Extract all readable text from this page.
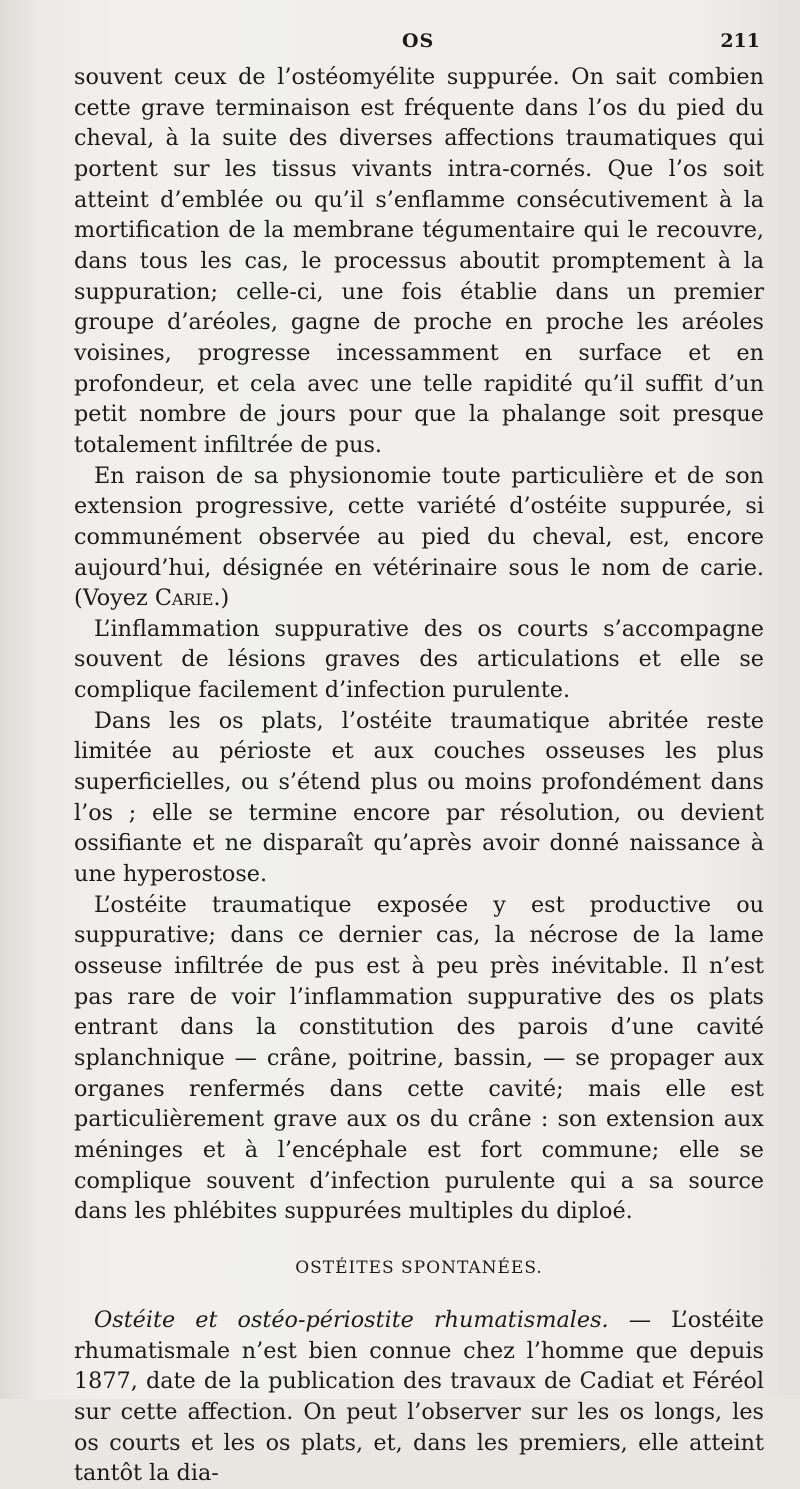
OS	211

souvent ceux de l’ostéomyélite suppurée. On sait combien cette grave terminaison est fréquente dans l’os du pied du cheval, à la suite des diverses affections traumatiques qui portent sur les tissus vivants intra-cornés. Que l’os soit atteint d’emblée ou qu’il s’enflamme consécutivement à la mortification de la membrane tégumentaire qui le recouvre, dans tous les cas, le processus aboutit promptement à la suppuration; celle-ci, une fois établie dans un premier groupe d’aréoles, gagne de proche en proche les aréoles voisines, progresse incessamment en surface et en profondeur, et cela avec une telle rapidité qu’il suffit d’un petit nombre de jours pour que la phalange soit presque totalement infiltrée de pus.

En raison de sa physionomie toute particulière et de son extension progressive, cette variété d’ostéite suppurée, si communément observée au pied du cheval, est, encore aujourd’hui, désignée en vétérinaire sous le nom de carie. (Voyez Carie.)

L’inflammation suppurative des os courts s’accompagne souvent de lésions graves des articulations et elle se complique facilement d’infection purulente.

Dans les os plats, l’ostéite traumatique abritée reste limitée au périoste et aux couches osseuses les plus superficielles, ou s’étend plus ou moins profondément dans l’os ; elle se termine encore par résolution, ou devient ossifiante et ne disparaît qu’après avoir donné naissance à une hyperostose.

L’ostéite traumatique exposée y est productive ou suppurative; dans ce dernier cas, la nécrose de la lame osseuse infiltrée de pus est à peu près inévitable. Il n’est pas rare de voir l’inflammation suppurative des os plats entrant dans la constitution des parois d’une cavité splanchnique — crâne, poitrine, bassin, — se propager aux organes renfermés dans cette cavité; mais elle est particulièrement grave aux os du crâne : son extension aux méninges et à l’encéphale est fort commune; elle se complique souvent d’infection purulente qui a sa source dans les phlébites suppurées multiples du diploé.

OSTÉITES SPONTANÉES.

Ostéite et ostéo-périostite rhumatismales. — L’ostéite rhumatismale n’est bien connue chez l’homme que depuis 1877, date de la publication des travaux de Cadiat et Féréol sur cette affection. On peut l’observer sur les os longs, les os courts et les os plats, et, dans les premiers, elle atteint tantôt la dia-
